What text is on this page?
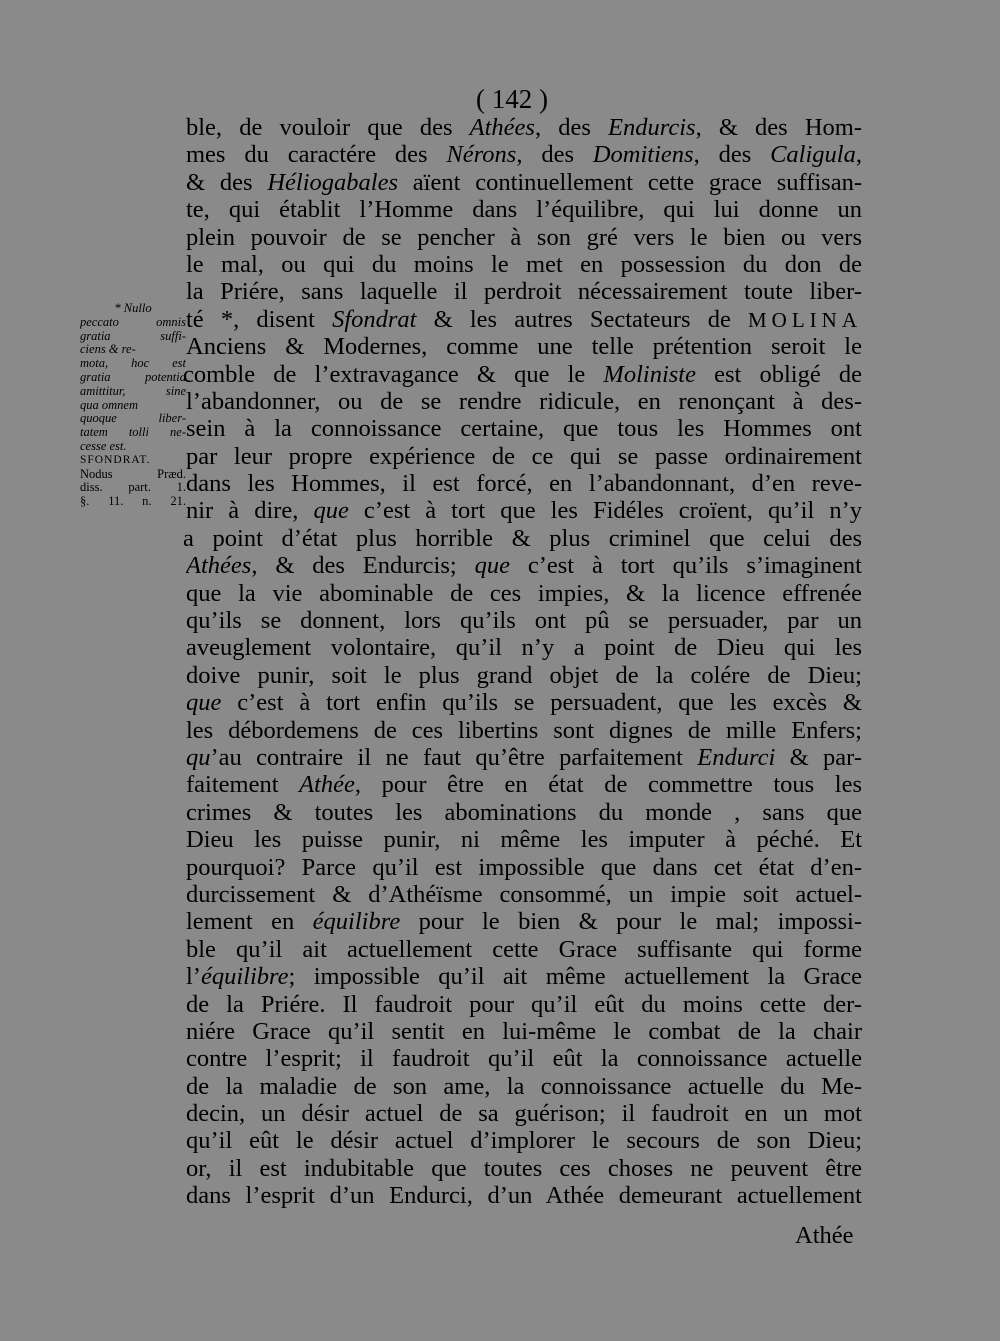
( 142 )
* Nullo
peccato omnis
gratia suffi-
ciens & re-
mota, hoc est
gratia potentia
amittitur, sine
qua omnem
quoque liber-
tatem tolli ne-
cesse est.
SFONDRAT.
Nodus Præd.
diss. part. 1.
§. 11. n. 21.
ble, de vouloir que des Athées, des Endurcis, & des Hom-
mes du caractére des Nérons, des Domitiens, des Caligula,
& des Héliogabales aïent continuellement cette grace suffisan-
te, qui établit l’Homme dans l’équilibre, qui lui donne un
plein pouvoir de se pencher à son gré vers le bien ou vers
le mal, ou qui du moins le met en possession du don de
la Priére, sans laquelle il perdroit nécessairement toute liber-
té *, disent Sfondrat & les autres Sectateurs de MOLINA
Anciens & Modernes, comme une telle prétention seroit le
comble de l’extravagance & que le Moliniste est obligé de
l’abandonner, ou de se rendre ridicule, en renonçant à des-
sein à la connoissance certaine, que tous les Hommes ont
par leur propre expérience de ce qui se passe ordinairement
dans les Hommes, il est forcé, en l’abandonnant, d’en reve-
nir à dire, que c’est à tort que les Fidéles croïent, qu’il n’y
a point d’état plus horrible & plus criminel que celui des
Athées, & des Endurcis; que c’est à tort qu’ils s’imaginent
que la vie abominable de ces impies, & la licence effrenée
qu’ils se donnent, lors qu’ils ont pû se persuader, par un
aveuglement volontaire, qu’il n’y a point de Dieu qui les
doive punir, soit le plus grand objet de la colére de Dieu;
que c’est à tort enfin qu’ils se persuadent, que les excès &
les débordemens de ces libertins sont dignes de mille Enfers;
qu’au contraire il ne faut qu’être parfaitement Endurci & par-
faitement Athée, pour être en état de commettre tous les
crimes & toutes les abominations du monde , sans que
Dieu les puisse punir, ni même les imputer à péché. Et
pourquoi? Parce qu’il est impossible que dans cet état d’en-
durcissement & d’Athéïsme consommé, un impie soit actuel-
lement en équilibre pour le bien & pour le mal; impossi-
ble qu’il ait actuellement cette Grace suffisante qui forme
l’équilibre; impossible qu’il ait même actuellement la Grace
de la Priére. Il faudroit pour qu’il eût du moins cette der-
niére Grace qu’il sentit en lui-même le combat de la chair
contre l’esprit; il faudroit qu’il eût la connoissance actuelle
de la maladie de son ame, la connoissance actuelle du Me-
decin, un désir actuel de sa guérison; il faudroit en un mot
qu’il eût le désir actuel d’implorer le secours de son Dieu;
or, il est indubitable que toutes ces choses ne peuvent être
dans l’esprit d’un Endurci, d’un Athée demeurant actuellement
Athée
